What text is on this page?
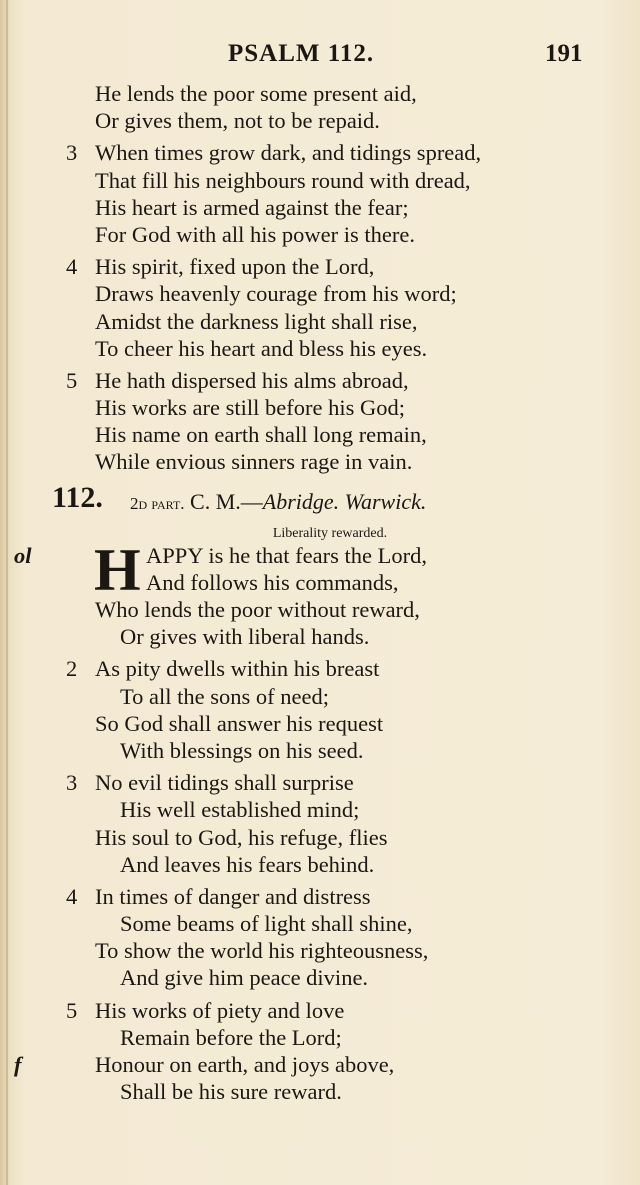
PSALM 112.	191
He lends the poor some present aid,
Or gives them, not to be repaid.
3 When times grow dark, and tidings spread,
That fill his neighbours round with dread,
His heart is armed against the fear;
For God with all his power is there.
4 His spirit, fixed upon the Lord,
Draws heavenly courage from his word;
Amidst the darkness light shall rise,
To cheer his heart and bless his eyes.
5 He hath dispersed his alms abroad,
His works are still before his God;
His name on earth shall long remain,
While envious sinners rage in vain.
112. 2d part. C. M.—Abridge. Warwick.
Liberality rewarded.
ol H APPY is he that fears the Lord,
And follows his commands,
Who lends the poor without reward,
Or gives with liberal hands.
2 As pity dwells within his breast
To all the sons of need;
So God shall answer his request
With blessings on his seed.
3 No evil tidings shall surprise
His well established mind;
His soul to God, his refuge, flies
And leaves his fears behind.
4 In times of danger and distress
Some beams of light shall shine,
To show the world his righteousness,
And give him peace divine.
5 His works of piety and love
Remain before the Lord;
f	Honour on earth, and joys above,
Shall be his sure reward.
